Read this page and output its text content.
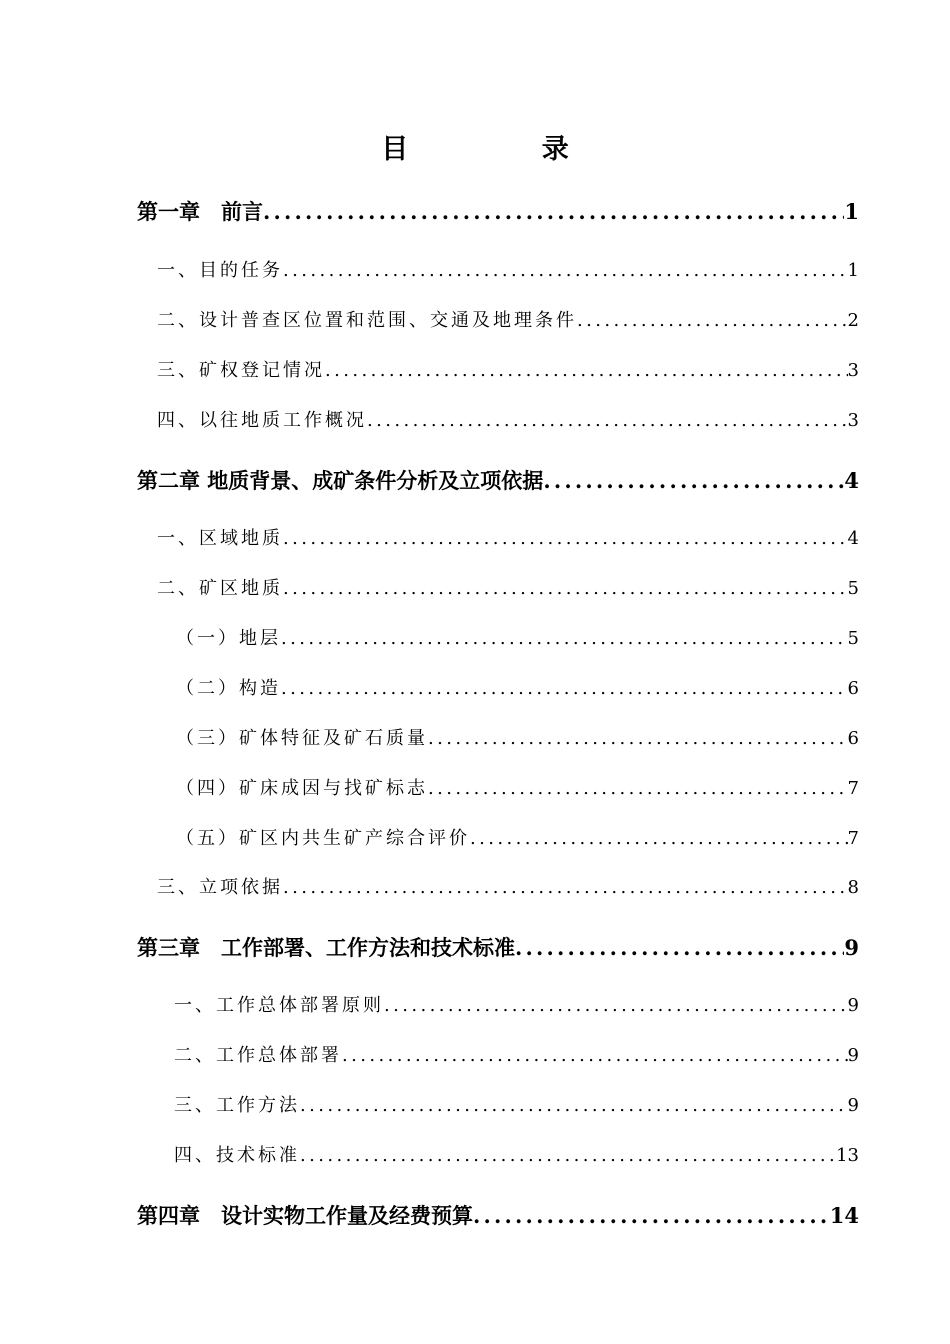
目 录
第一章　前言 .....	1
一、目的任务 .....	1
二、设计普查区位置和范围、交通及地理条件 .....	2
三、矿权登记情况 .....	3
四、以往地质工作概况 .....	3
第二章 地质背景、成矿条件分析及立项依据 .....	4
一、区域地质 .....	4
二、矿区地质 .....	5
（一）地层 .....	5
（二）构造 .....	6
（三）矿体特征及矿石质量 .....	6
（四）矿床成因与找矿标志 .....	7
（五）矿区内共生矿产综合评价 .....	7
三、立项依据 .....	8
第三章　工作部署、工作方法和技术标准 .....	9
一、工作总体部署原则 .....	9
二、工作总体部署 .....	9
三、工作方法 .....	9
四、技术标准 .....	13
第四章　设计实物工作量及经费预算 .....	14
